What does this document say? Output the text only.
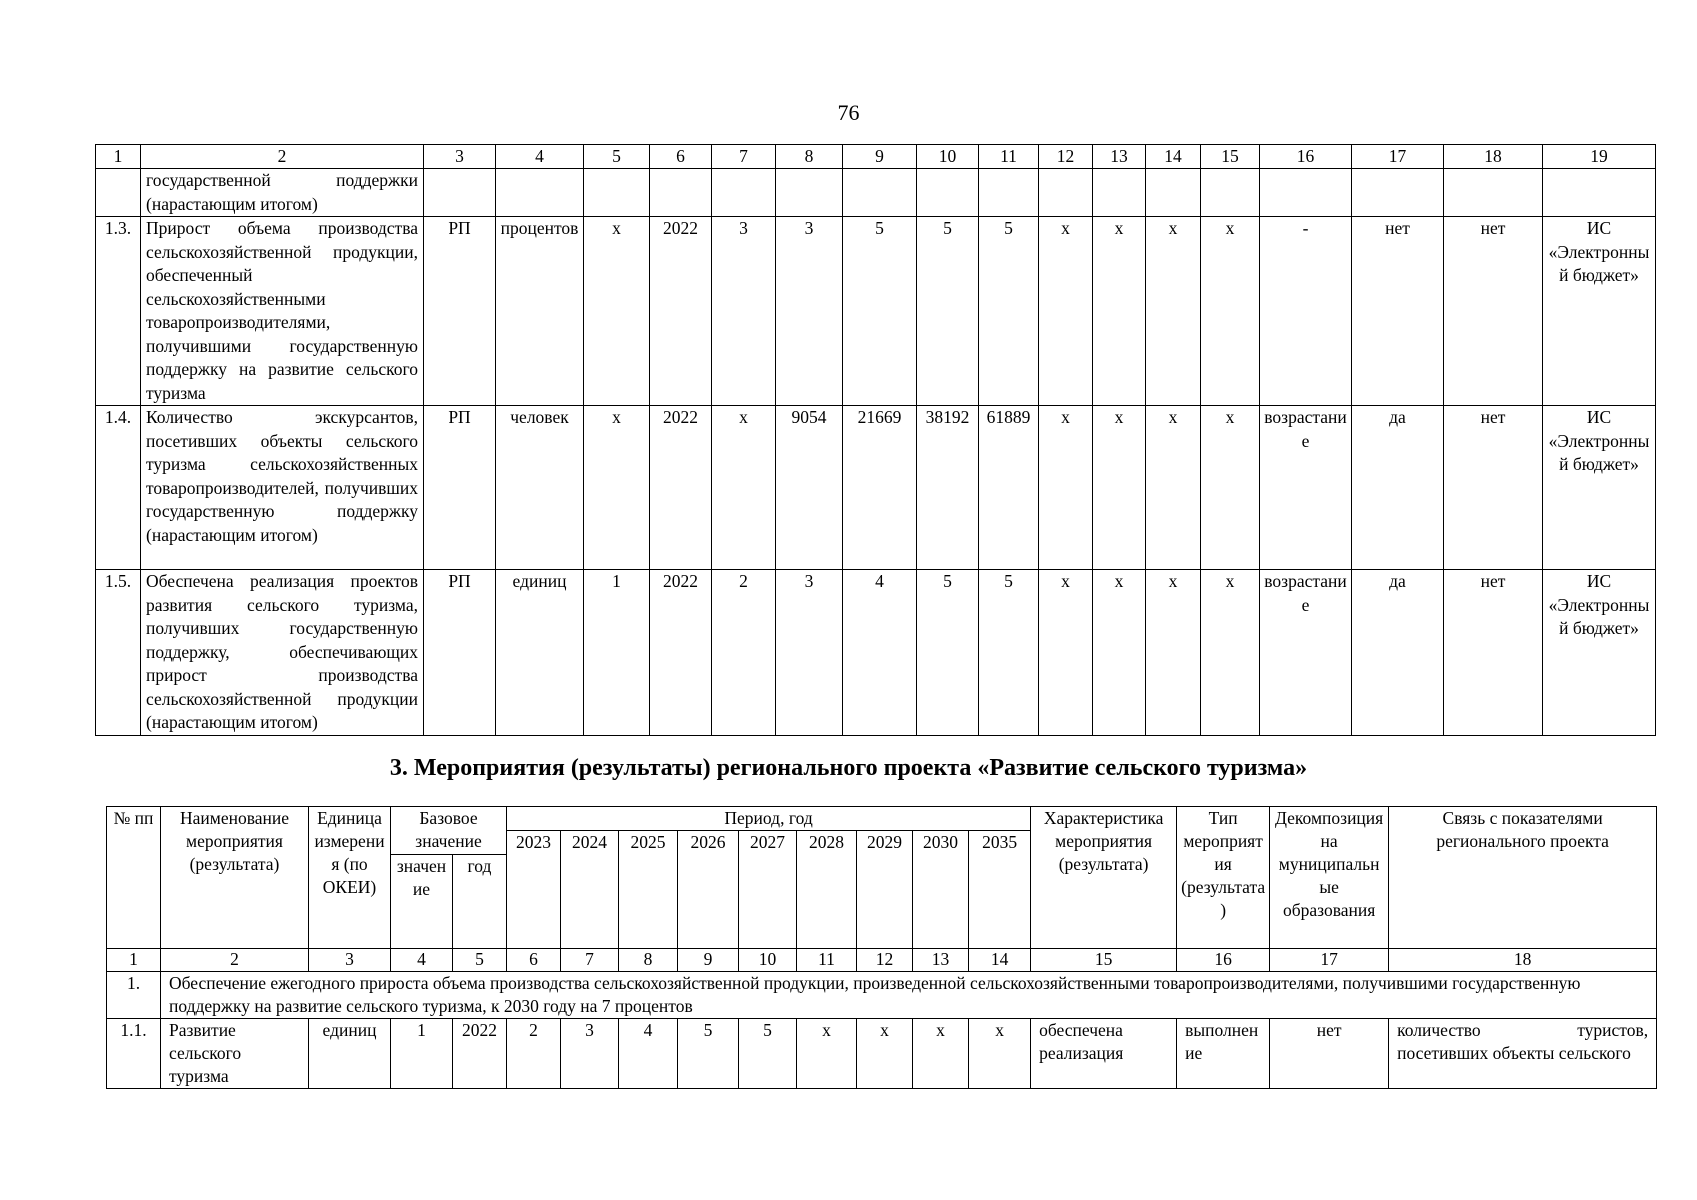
76
1	2	3	4	5	6	7	8	9	10	11	12	13	14	15	16	17	18	19
	государственной поддержки (нарастающим итогом)																	
1.3.	Прирост объема производства сельскохозяйственной продукции, обеспеченный сельскохозяйственными товаропроизводителями, получившими государственную поддержку на развитие сельского туризма	РП	процентов	х	2022	3	3	5	5	5	х	х	х	х	-	нет	нет	ИС «Электронный бюджет»
1.4.	Количество экскурсантов, посетивших объекты сельского туризма сельскохозяйственных товаропроизводителей, получивших государственную поддержку (нарастающим итогом)	РП	человек	х	2022	х	9054	21669	38192	61889	х	х	х	х	возрастание	да	нет	ИС «Электронный бюджет»
1.5.	Обеспечена реализация проектов развития сельского туризма, получивших государственную поддержку, обеспечивающих прирост производства сельскохозяйственной продукции (нарастающим итогом)	РП	единиц	1	2022	2	3	4	5	5	х	х	х	х	возрастание	да	нет	ИС «Электронный бюджет»
3. Мероприятия (результаты) регионального проекта «Развитие сельского туризма»
№ пп	Наименование мероприятия (результата)	Единица измерения (по ОКЕИ)	Базовое значение		Период, год									Характеристика мероприятия (результата)	Тип мероприятия (результата)	Декомпозиция на муниципальные образования	Связь с показателями регионального проекта
					2023	2024	2025	2026	2027	2028	2029	2030	2035				
			значение	год													
1	2	3	4	5	6	7	8	9	10	11	12	13	14	15	16	17	18
1.	Обеспечение ежегодного прироста объема производства сельскохозяйственной продукции, произведенной сельскохозяйственными товаропроизводителями, получившими государственную поддержку на развитие сельского туризма, к 2030 году на 7 процентов																
1.1.	Развитие сельского туризма	единиц	1	2022	2	3	4	5	5	х	х	х	х	обеспечена реализация	выполнение	нет	количество туристов, посетивших объекты сельского
